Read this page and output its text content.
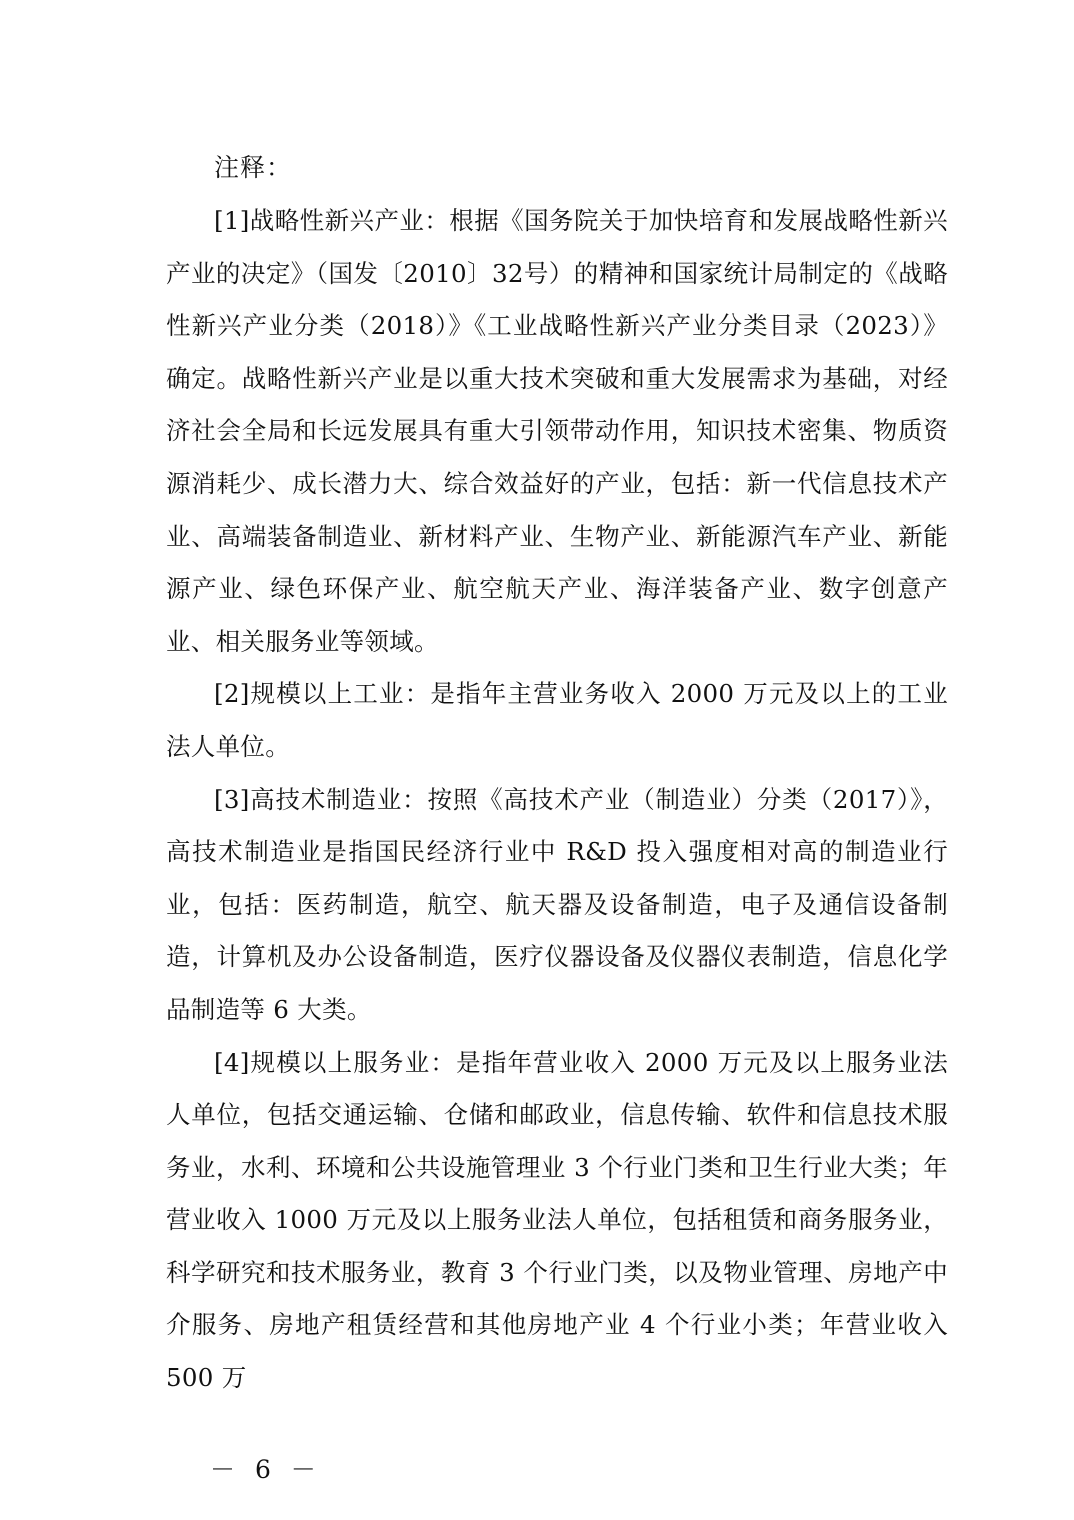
注释：

[1]战略性新兴产业：根据《国务院关于加快培育和发展战略性新兴产业的决定》（国发〔2010〕32号）的精神和国家统计局制定的《战略性新兴产业分类（2018）》《工业战略性新兴产业分类目录（2023）》确定。战略性新兴产业是以重大技术突破和重大发展需求为基础，对经济社会全局和长远发展具有重大引领带动作用，知识技术密集、物质资源消耗少、成长潜力大、综合效益好的产业，包括：新一代信息技术产业、高端装备制造业、新材料产业、生物产业、新能源汽车产业、新能源产业、绿色环保产业、航空航天产业、海洋装备产业、数字创意产业、相关服务业等领域。

[2]规模以上工业：是指年主营业务收入 2000 万元及以上的工业法人单位。

[3]高技术制造业：按照《高技术产业（制造业）分类（2017）》，高技术制造业是指国民经济行业中 R&D 投入强度相对高的制造业行业，包括：医药制造，航空、航天器及设备制造，电子及通信设备制造，计算机及办公设备制造，医疗仪器设备及仪器仪表制造，信息化学品制造等 6 大类。

[4]规模以上服务业：是指年营业收入 2000 万元及以上服务业法人单位，包括交通运输、仓储和邮政业，信息传输、软件和信息技术服务业，水利、环境和公共设施管理业 3 个行业门类和卫生行业大类；年营业收入 1000 万元及以上服务业法人单位，包括租赁和商务服务业，科学研究和技术服务业，教育 3 个行业门类，以及物业管理、房地产中介服务、房地产租赁经营和其他房地产业 4 个行业小类；年营业收入 500 万

－ 6 －
